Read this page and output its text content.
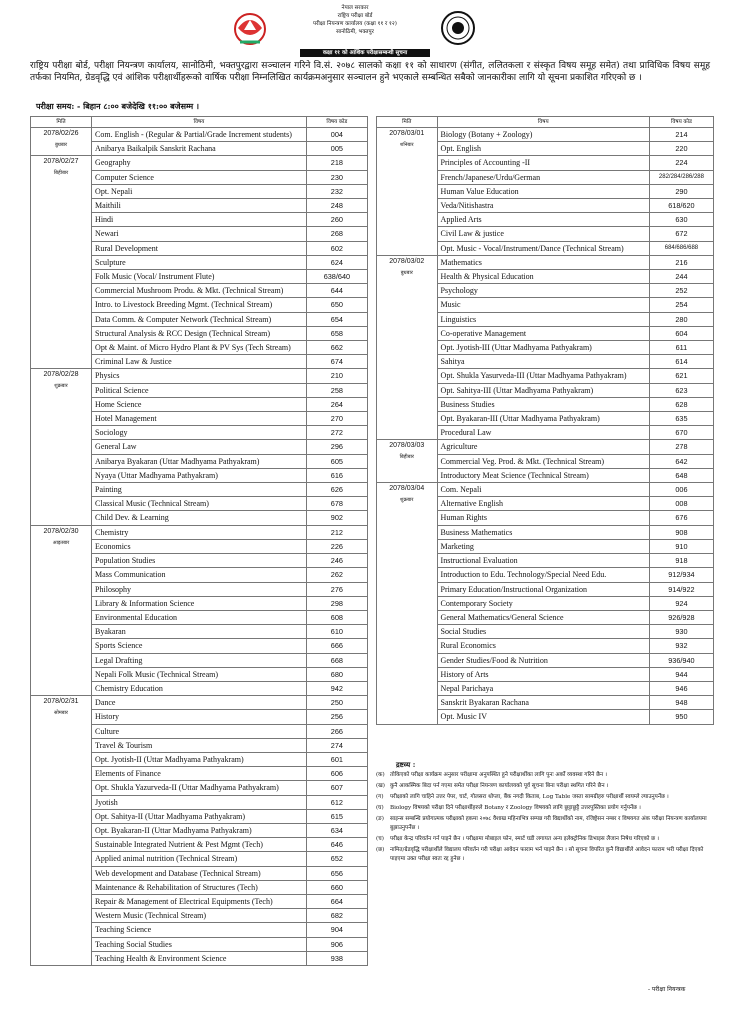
नेपाल सरकार
राष्ट्रिय परीक्षा बोर्ड
परीक्षा नियन्त्रण कार्यालय (कक्षा ११ र १२)
सानोठिमी, भक्तपुर
कक्षा ११ को आंशिक परीक्षासम्बन्धी सूचना
राष्ट्रिय परीक्षा बोर्ड, परीक्षा नियन्त्रण कार्यालय, सानोठिमी, भक्तपुरद्वारा सञ्चालन गरिने वि.सं. २०७८ सालको कक्षा ११ को साधारण (संगीत, ललितकला र संस्कृत विषय समूह समेत) तथा प्राविधिक विषय समूह तर्फका नियमित, ग्रेडवृद्धि एवं आंशिक परीक्षार्थीहरूको वार्षिक परीक्षा निम्नलिखित कार्यक्रमअनुसार सञ्चालन हुने भएकाले सम्बन्धित सबैको जानकारीका लागि यो सूचना प्रकाशित गरिएको छ ।
परीक्षा समय: - बिहान ८:०० बजेदेखि ११:०० बजेसम्म ।
मिति	विषय	विषय कोड
2078/02/26
बुधबार	Com. English - (Regular & Partial/Grade Increment students)	004
	Anibarya Baikalpik Sanskrit Rachana	005
2078/02/27
बिहीबार	Geography	218
	Computer Science	230
	Opt. Nepali	232
	Maithili	248
	Hindi	260
	Newari	268
	Rural Development	602
	Sculpture	624
	Folk Music (Vocal/ Instrument Flute)	638/640
	Commercial Mushroom Produ. & Mkt. (Technical Stream)	644
	Intro. to Livestock Breeding Mgmt. (Technical Stream)	650
	Data Comm. & Computer Network (Technical Stream)	654
	Structural Analysis & RCC Design (Technical Stream)	658
	Opt & Maint. of Micro Hydro Plant & PV Sys (Tech Stream)	662
	Criminal Law & Justice	674
2078/02/28
शुक्रबार	Physics	210
	Political Science	258
	Home Science	264
	Hotel Management	270
	Sociology	272
	General Law	296
	Anibarya Byakaran (Uttar Madhyama Pathyakram)	605
	Nyaya (Uttar Madhyama Pathyakram)	616
	Painting	626
	Classical Music (Technical Stream)	678
	Child Dev. & Learning	902
2078/02/30
आइतबार	Chemistry	212
	Economics	226
	Population Studies	246
	Mass Communication	262
	Philosophy	276
	Library & Information Science	298
	Environmental Education	608
	Byakaran	610
	Sports Science	666
	Legal Drafting	668
	Nepali Folk Music (Technical Stream)	680
	Chemistry Education	942
2078/02/31
सोमबार	Dance	250
	History	256
	Culture	266
	Travel & Tourism	274
	Opt. Jyotish-II (Uttar Madhyama Pathyakram)	601
	Elements of Finance	606
	Opt. Shukla Yazurveda-II (Uttar Madhyama Pathyakram)	607
	Jyotish	612
	Opt. Sahitya-II (Uttar Madhyama Pathyakram)	615
	Opt. Byakaran-II (Uttar Madhyama Pathyakram)	634
	Sustainable Integrated Nutrient & Pest Mgmt (Tech)	646
	Applied animal nutrition (Technical Stream)	652
	Web development and Database (Technical Stream)	656
	Maintenance & Rehabilitation of Structures (Tech)	660
	Repair & Management of Electrical Equipments (Tech)	664
	Western Music (Technical Stream)	682
	Teaching Science	904
	Teaching Social Studies	906
	Teaching Health & Environment Science	938
मिति	विषय	विषय कोड
2078/03/01
शनिबार	Biology (Botany + Zoology)	214
	Opt. English	220
	Principles of Accounting -II	224
	French/Japanese/Urdu/German	282/284/286/288
	Human Value Education	290
	Veda/Nitishastra	618/620
	Applied Arts	630
	Civil Law & justice	672
	Opt. Music - Vocal/Instrument/Dance (Technical Stream)	684/686/688
2078/03/02
बुधबार	Mathematics	216
	Health & Physical Education	244
	Psychology	252
	Music	254
	Linguistics	280
	Co-operative Management	604
	Opt. Jyotish-III (Uttar Madhyama Pathyakram)	611
	Sahitya	614
	Opt. Shukla Yasurveda-III (Uttar Madhyama Pathyakram)	621
	Opt. Sahitya-III (Uttar Madhyama Pathyakram)	623
	Business Studies	628
	Opt. Byakaran-III (Uttar Madhyama Pathyakram)	635
	Procedural Law	670
2078/03/03
बिहीबार	Agriculture	278
	Commercial Veg. Prod. & Mkt. (Technical Stream)	642
	Introductory Meat Science (Technical Stream)	648
2078/03/04
शुक्रबार	Com. Nepali	006
	Alternative English	008
	Human Rights	676
	Business Mathematics	908
	Marketing	910
	Instructional Evaluation	918
	Introduction to Edu. Technology/Special Need Edu.	912/934
	Primary Education/Instructional Organization	914/922
	Contemporary Society	924
	General Mathematics/General Science	926/928
	Social Studies	930
	Rural Economics	932
	Gender Studies/Food & Nutrition	936/940
	History of Arts	944
	Nepal Parichaya	946
	Sanskrit Byakaran Rachana	948
	Opt. Music IV	950
द्रष्टव्य :
(क) तोकिएको परीक्षा कार्यक्रम अनुसार परीक्षामा अनुपस्थित हुने परीक्षार्थीका लागि पुनः अर्को व्यवस्था गरिने छैन ।
(ख) कुनै आकस्मिक बिदा पर्न गएमा समेत परीक्षा नियन्त्रण कार्यालयको पूर्व सूचना बिना परीक्षा स्थगित गरिने छैन ।
(ग)	परीक्षाको लागि चाहिने उत्तर पेपर, चार्ट, गोलसरा थोप्ला, बैंक नगदी किताब, Log Table जस्ता सामग्रीहरु परीक्षार्थी स्वयम्ले ल्याउनुपर्नेछ ।
(घ)	Biology विषयको परीक्षा दिने परीक्षार्थीहरुले Botany र Zoology विषयको लागि छुट्टाछुट्टै उत्तरपुस्तिका प्रयोग गर्नुपर्नेछ ।
(ङ)	साइन्स सम्बन्धि प्रयोगात्मक परीक्षाको हकमा २०७८ वैशाख महिनाभित्र सम्पन्न गरी विद्यार्थीको नाम, रजिष्ट्रेसन नम्बर र विषयगत अंक परीक्षा नियन्त्रण कार्यालयमा बुझाउनुपर्नेछ ।
(च)	परीक्षा केन्द्र परिवर्तन गर्न पाइने छैन । परीक्षामा मोबाइल फोन, स्मार्ट घडी लगायत अन्य इलेक्ट्रोनिक डिभाइस लैजान निषेध गरिएको छ ।
(छ)	नामित/ग्रेडवृद्धि परीक्षार्थीले विद्यालय परिवर्तन गरी परीक्षा आवेदन फाराम भर्न पाइने छैन । सो सूचना विपरित कुनै विद्यार्थीले आवेदन फाराम भरी परीक्षा दिएको पाइएमा उक्त परीक्षा स्वतः रद्द हुनेछ ।
- परीक्षा नियन्त्रक
